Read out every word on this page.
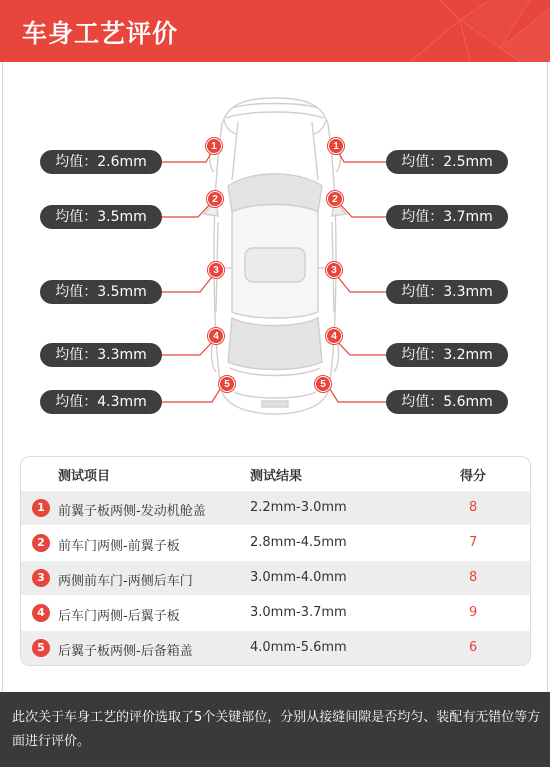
车身工艺评价
均值：2.6mm
均值：3.5mm
均值：3.5mm
均值：3.3mm
均值：4.3mm
均值：2.5mm
均值：3.7mm
均值：3.3mm
均值：3.2mm
均值：5.6mm
1
2
3
4
5
1
2
3
4
5
测试项目	测试结果	得分
1	前翼子板两侧-发动机舱盖	2.2mm-3.0mm	8
2	前车门两侧-前翼子板	2.8mm-4.5mm	7
3	两侧前车门-两侧后车门	3.0mm-4.0mm	8
4	后车门两侧-后翼子板	3.0mm-3.7mm	9
5	后翼子板两侧-后备箱盖	4.0mm-5.6mm	6
此次关于车身工艺的评价选取了5个关键部位，分别从接缝间隙是否均匀、装配有无错位等方面进行评价。
